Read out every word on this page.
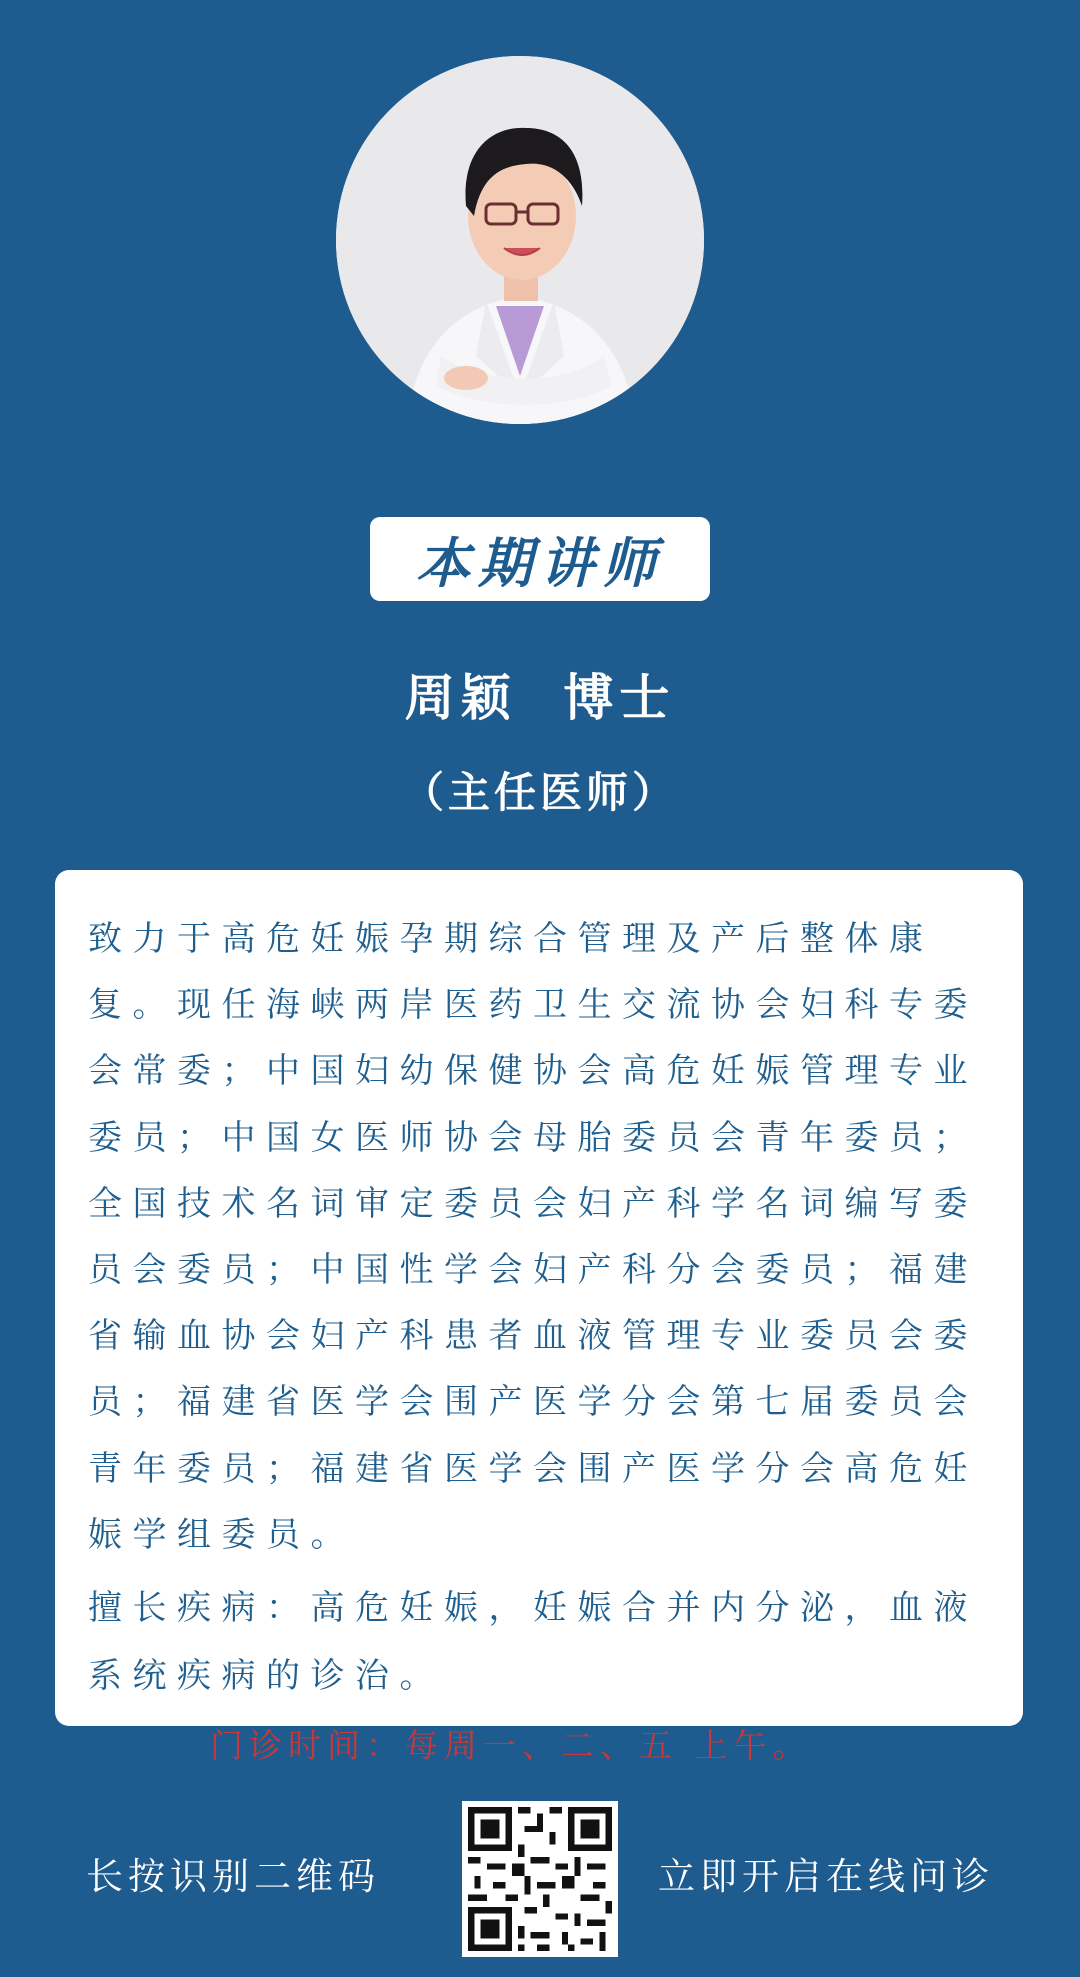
本期讲师
周颖  博士
（主任医师）

致力于高危妊娠孕期综合管理及产后整体康复。现任海峡两岸医药卫生交流协会妇科专委会常委；中国妇幼保健协会高危妊娠管理专业委员；中国女医师协会母胎委员会青年委员；全国技术名词审定委员会妇产科学名词编写委员会委员；中国性学会妇产科分会委员；福建省输血协会妇产科患者血液管理专业委员会委员；福建省医学会围产医学分会第七届委员会青年委员；福建省医学会围产医学分会高危妊娠学组委员。

擅长疾病：高危妊娠，妊娠合并内分泌，血液系统疾病的诊治。

门诊时间：每周一、二、五 上午。

长按识别二维码	立即开启在线问诊
